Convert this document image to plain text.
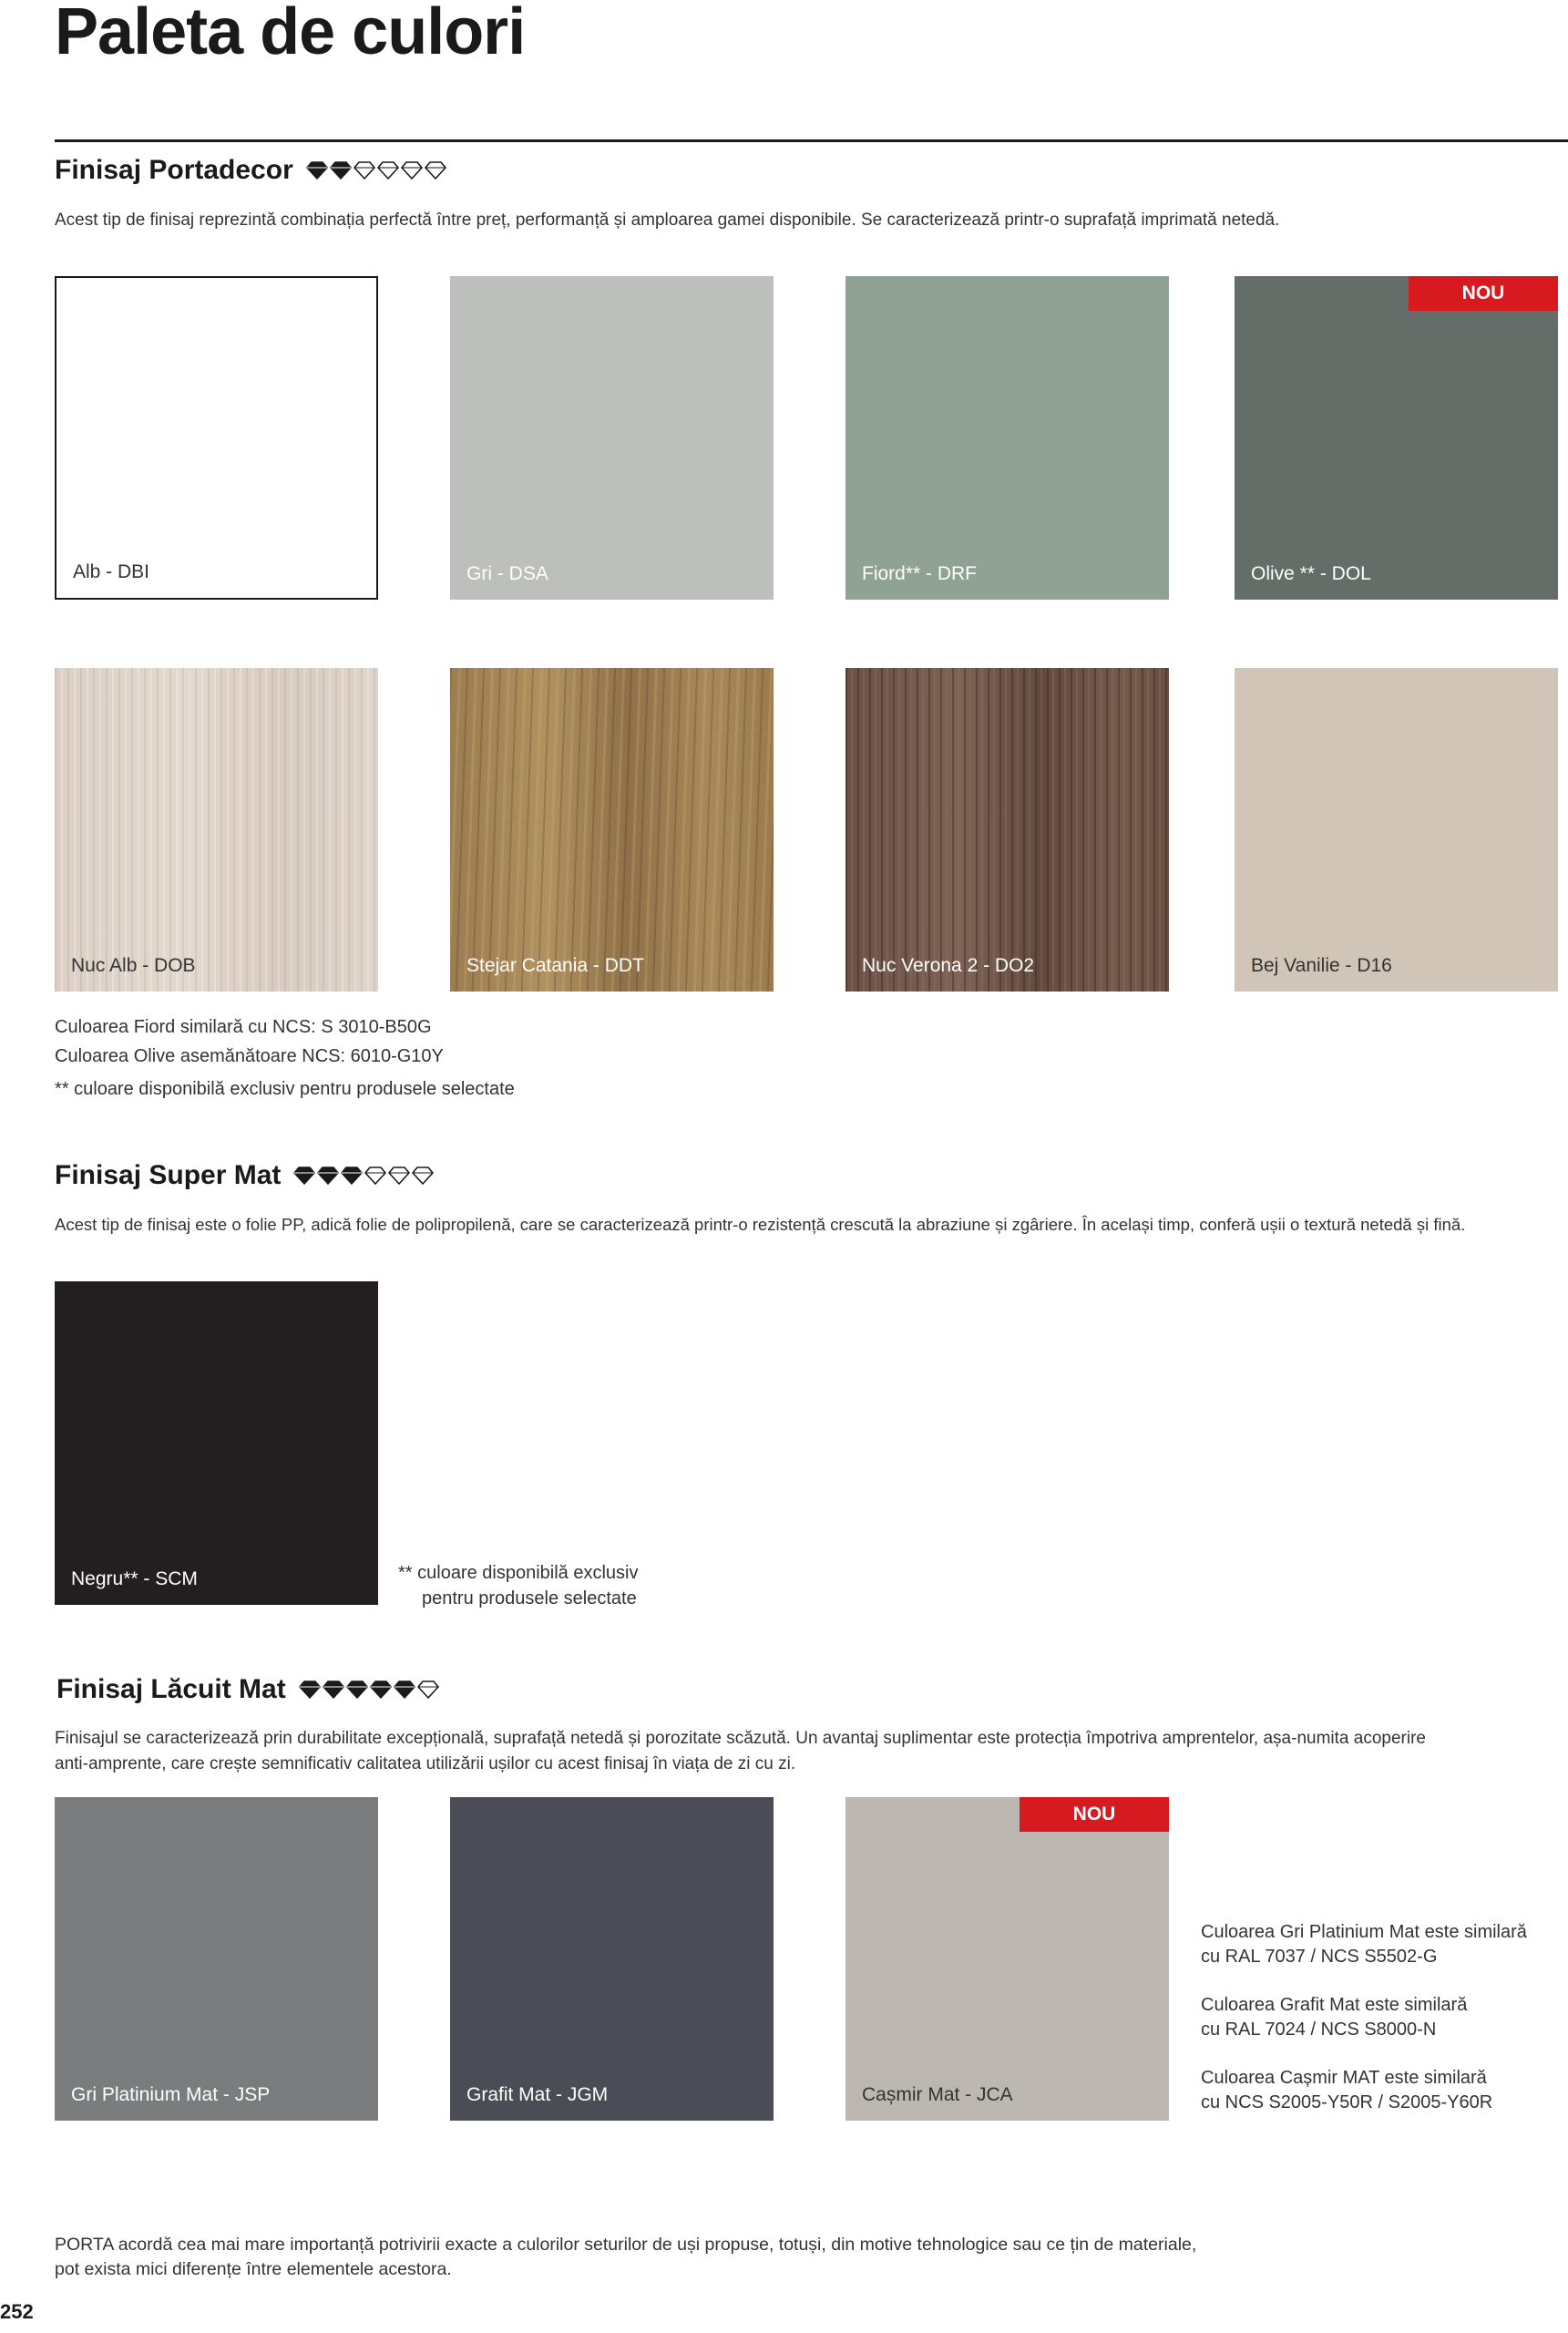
Paleta de culori
Finisaj Portadecor
Acest tip de finisaj reprezintă combinația perfectă între preț, performanță și amploarea gamei disponibile. Se caracterizează printr-o suprafață imprimată netedă.
Alb - DBI	Gri - DSA	Fiord** - DRF
NOU
Olive ** - DOL
Nuc Alb - DOB	Stejar Catania - DDT	Nuc Verona 2 - DO2	Bej Vanilie - D16
Culoarea Fiord similară cu NCS: S 3010-B50G
Culoarea Olive asemănătoare NCS: 6010-G10Y
** culoare disponibilă exclusiv pentru produsele selectate
Finisaj Super Mat
Acest tip de finisaj este o folie PP, adică folie de polipropilenă, care se caracterizează printr-o rezistență crescută la abraziune și zgâriere. În același timp, conferă ușii o textură netedă și fină.
Negru** - SCM	** culoare disponibilă exclusiv
pentru produsele selectate
Finisaj Lăcuit Mat
Finisajul se caracterizează prin durabilitate excepțională, suprafață netedă și porozitate scăzută. Un avantaj suplimentar este protecția împotriva amprentelor, așa-numita acoperire
anti-amprente, care crește semnificativ calitatea utilizării ușilor cu acest finisaj în viața de zi cu zi.
Gri Platinium Mat - JSP	Grafit Mat - JGM
NOU
Cașmir Mat - JCA
Culoarea Gri Platinium Mat este similară
cu RAL 7037 / NCS S5502-G
Culoarea Grafit Mat este similară
cu RAL 7024 / NCS S8000-N
Culoarea Cașmir MAT este similară
cu NCS S2005-Y50R / S2005-Y60R
PORTA acordă cea mai mare importanță potrivirii exacte a culorilor seturilor de uși propuse, totuși, din motive tehnologice sau ce țin de materiale,
pot exista mici diferențe între elementele acestora.
252
